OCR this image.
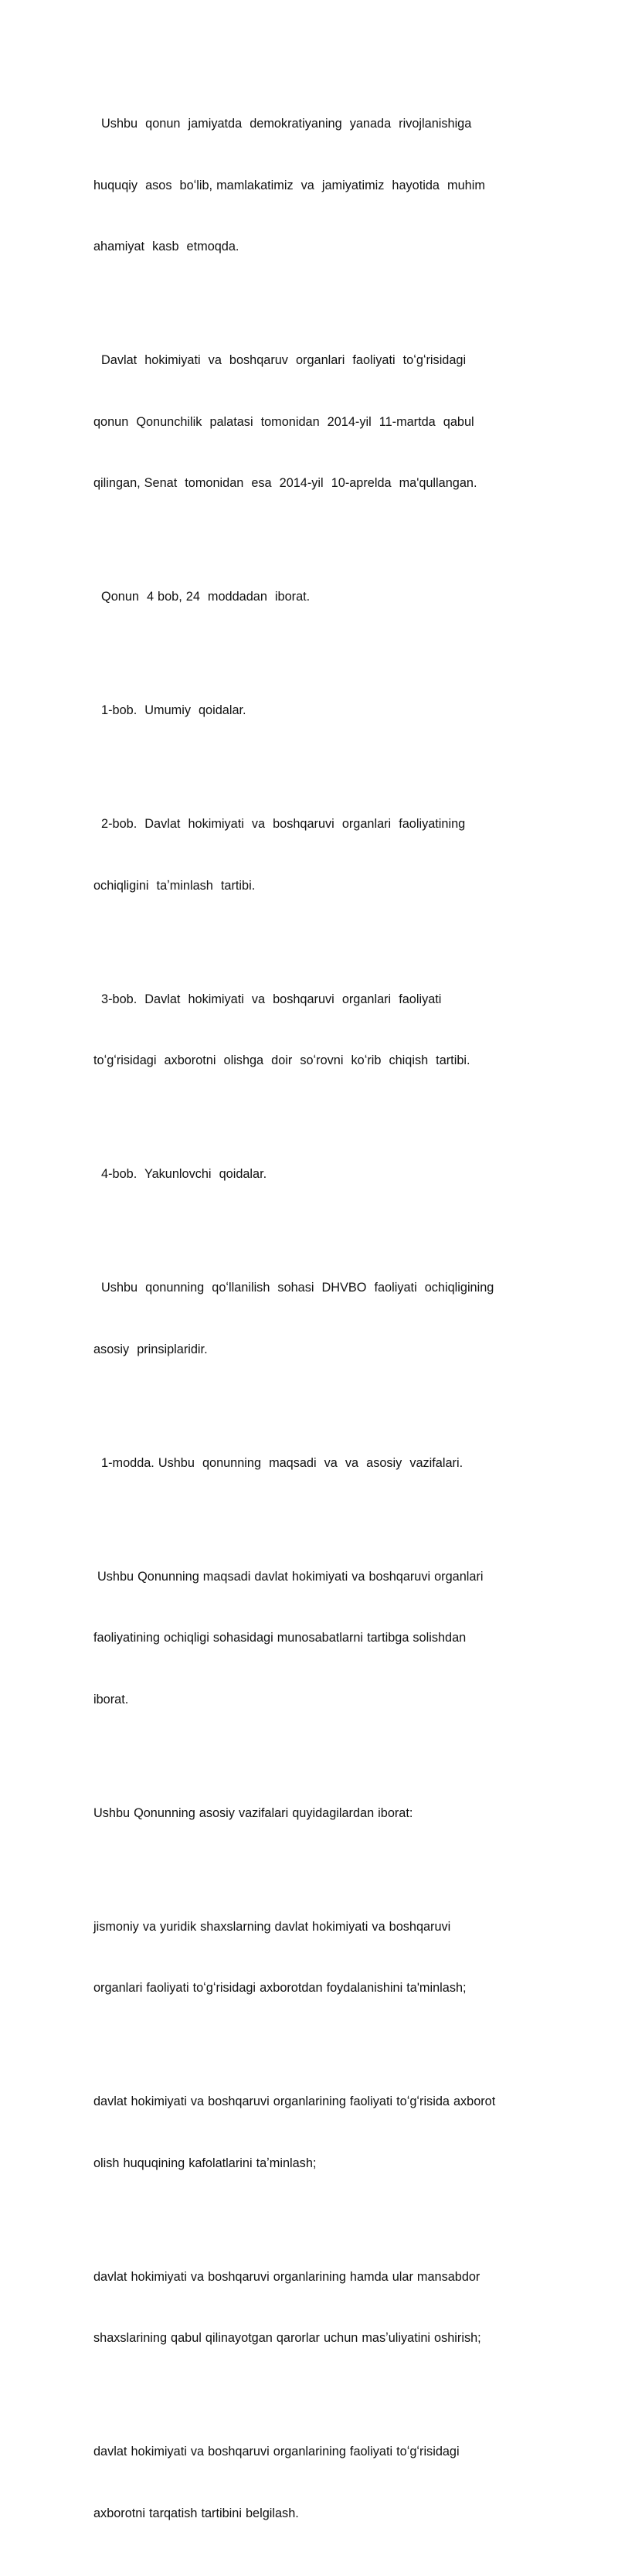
Ushbu  qonun  jamiyatda  demokratiyaning  yanada  rivojlanishiga

huquqiy  asos  boʻlib, mamlakatimiz  va  jamiyatimiz  hayotida  muhim

ahamiyat  kasb  etmoqda.

Davlat  hokimiyati  va  boshqaruv  organlari  faoliyati  toʻgʻrisidagi

qonun  Qonunchilik  palatasi  tomonidan  2014-yil  11-martda  qabul

qilingan, Senat  tomonidan  esa  2014-yil  10-aprelda  ma'qullangan.

Qonun  4 bob, 24  moddadan  iborat.

1-bob.  Umumiy  qoidalar.

2-bob.  Davlat  hokimiyati  va  boshqaruvi  organlari  faoliyatining

ochiqligini  taʼminlash  tartibi.

3-bob.  Davlat  hokimiyati  va  boshqaruvi  organlari  faoliyati

toʻgʻrisidagi  axborotni  olishga  doir  soʻrovni  koʻrib  chiqish  tartibi.

4-bob.  Yakunlovchi  qoidalar.

Ushbu  qonunning  qoʻllanilish  sohasi  DHVBO  faoliyati  ochiqligining

asosiy  prinsiplaridir.

1-modda. Ushbu  qonunning  maqsadi  va  va  asosiy  vazifalari.

Ushbu Qonunning maqsadi davlat hokimiyati va boshqaruvi organlari

faoliyatining ochiqligi sohasidagi munosabatlarni tartibga solishdan

iborat.

Ushbu Qonunning asosiy vazifalari quyidagilardan iborat:

jismoniy va yuridik shaxslarning davlat hokimiyati va boshqaruvi

organlari faoliyati toʻgʻrisidagi axborotdan foydalanishini ta'minlash;

davlat hokimiyati va boshqaruvi organlarining faoliyati toʻgʻrisida axborot

olish huquqining kafolatlarini taʼminlash;

davlat hokimiyati va boshqaruvi organlarining hamda ular mansabdor

shaxslarining qabul qilinayotgan qarorlar uchun masʼuliyatini oshirish;

davlat hokimiyati va boshqaruvi organlarining faoliyati toʻgʻrisidagi

axborotni tarqatish tartibini belgilash.
